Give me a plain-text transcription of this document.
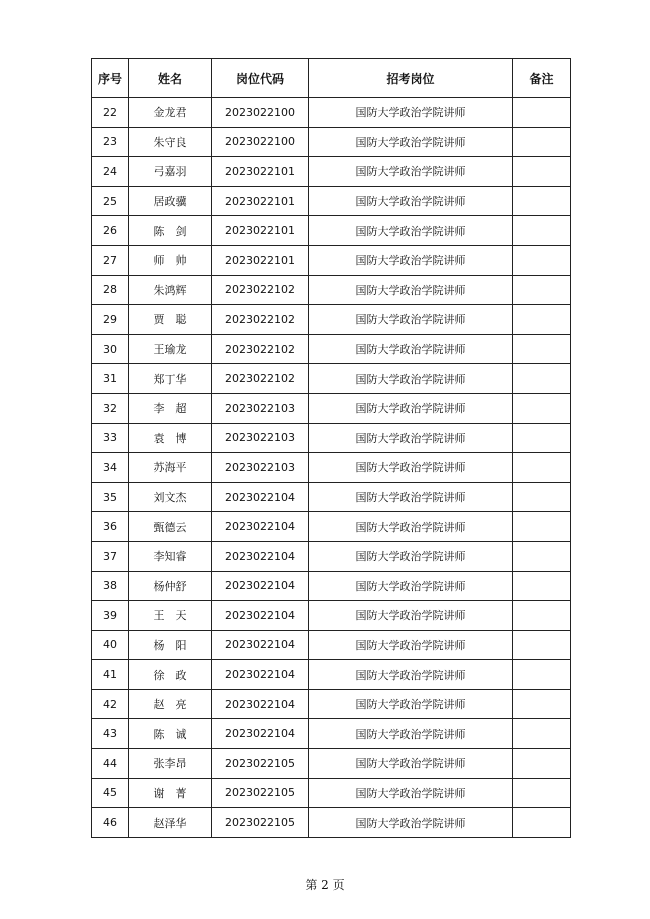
序号	姓名	岗位代码	招考岗位	备注
22	金龙君	2023022100	国防大学政治学院讲师	
23	朱守良	2023022100	国防大学政治学院讲师	
24	弓嘉羽	2023022101	国防大学政治学院讲师	
25	居政骥	2023022101	国防大学政治学院讲师	
26	陈　剑	2023022101	国防大学政治学院讲师	
27	师　帅	2023022101	国防大学政治学院讲师	
28	朱鸿辉	2023022102	国防大学政治学院讲师	
29	贾　聪	2023022102	国防大学政治学院讲师	
30	王瑜龙	2023022102	国防大学政治学院讲师	
31	郑丁华	2023022102	国防大学政治学院讲师	
32	李　超	2023022103	国防大学政治学院讲师	
33	袁　博	2023022103	国防大学政治学院讲师	
34	苏海平	2023022103	国防大学政治学院讲师	
35	刘文杰	2023022104	国防大学政治学院讲师	
36	甄德云	2023022104	国防大学政治学院讲师	
37	李知睿	2023022104	国防大学政治学院讲师	
38	杨仲舒	2023022104	国防大学政治学院讲师	
39	王　天	2023022104	国防大学政治学院讲师	
40	杨　阳	2023022104	国防大学政治学院讲师	
41	徐　政	2023022104	国防大学政治学院讲师	
42	赵　亮	2023022104	国防大学政治学院讲师	
43	陈　诚	2023022104	国防大学政治学院讲师	
44	张李昂	2023022105	国防大学政治学院讲师	
45	谢　菁	2023022105	国防大学政治学院讲师	
46	赵泽华	2023022105	国防大学政治学院讲师	
第 2 页
